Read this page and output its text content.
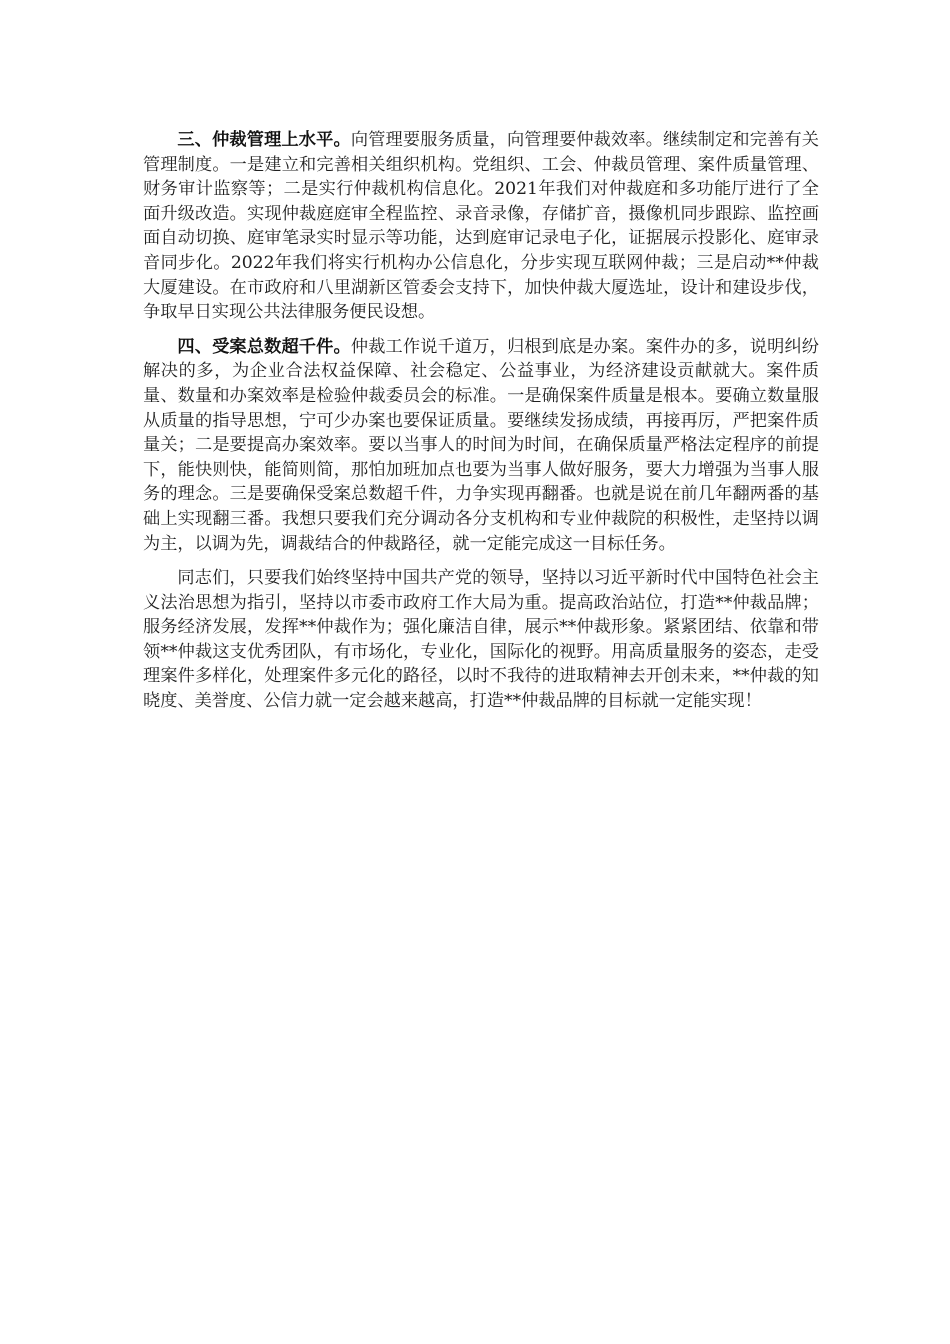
三、仲裁管理上水平。向管理要服务质量，向管理要仲裁效率。继续制定和完善有关管理制度。一是建立和完善相关组织机构。党组织、工会、仲裁员管理、案件质量管理、财务审计监察等；二是实行仲裁机构信息化。2021年我们对仲裁庭和多功能厅进行了全面升级改造。实现仲裁庭庭审全程监控、录音录像，存储扩音，摄像机同步跟踪、监控画面自动切换、庭审笔录实时显示等功能，达到庭审记录电子化，证据展示投影化、庭审录音同步化。2022年我们将实行机构办公信息化，分步实现互联网仲裁；三是启动**仲裁大厦建设。在市政府和八里湖新区管委会支持下，加快仲裁大厦选址，设计和建设步伐，争取早日实现公共法律服务便民设想。

四、受案总数超千件。仲裁工作说千道万，归根到底是办案。案件办的多，说明纠纷解决的多，为企业合法权益保障、社会稳定、公益事业，为经济建设贡献就大。案件质量、数量和办案效率是检验仲裁委员会的标准。一是确保案件质量是根本。要确立数量服从质量的指导思想，宁可少办案也要保证质量。要继续发扬成绩，再接再厉，严把案件质量关；二是要提高办案效率。要以当事人的时间为时间，在确保质量严格法定程序的前提下，能快则快，能简则简，那怕加班加点也要为当事人做好服务，要大力增强为当事人服务的理念。三是要确保受案总数超千件，力争实现再翻番。也就是说在前几年翻两番的基础上实现翻三番。我想只要我们充分调动各分支机构和专业仲裁院的积极性，走坚持以调为主，以调为先，调裁结合的仲裁路径，就一定能完成这一目标任务。

同志们，只要我们始终坚持中国共产党的领导，坚持以习近平新时代中国特色社会主义法治思想为指引，坚持以市委市政府工作大局为重。提高政治站位，打造**仲裁品牌；服务经济发展，发挥**仲裁作为；强化廉洁自律，展示**仲裁形象。紧紧团结、依靠和带领**仲裁这支优秀团队，有市场化，专业化，国际化的视野。用高质量服务的姿态，走受理案件多样化，处理案件多元化的路径，以时不我待的进取精神去开创未来，**仲裁的知晓度、美誉度、公信力就一定会越来越高，打造**仲裁品牌的目标就一定能实现！
